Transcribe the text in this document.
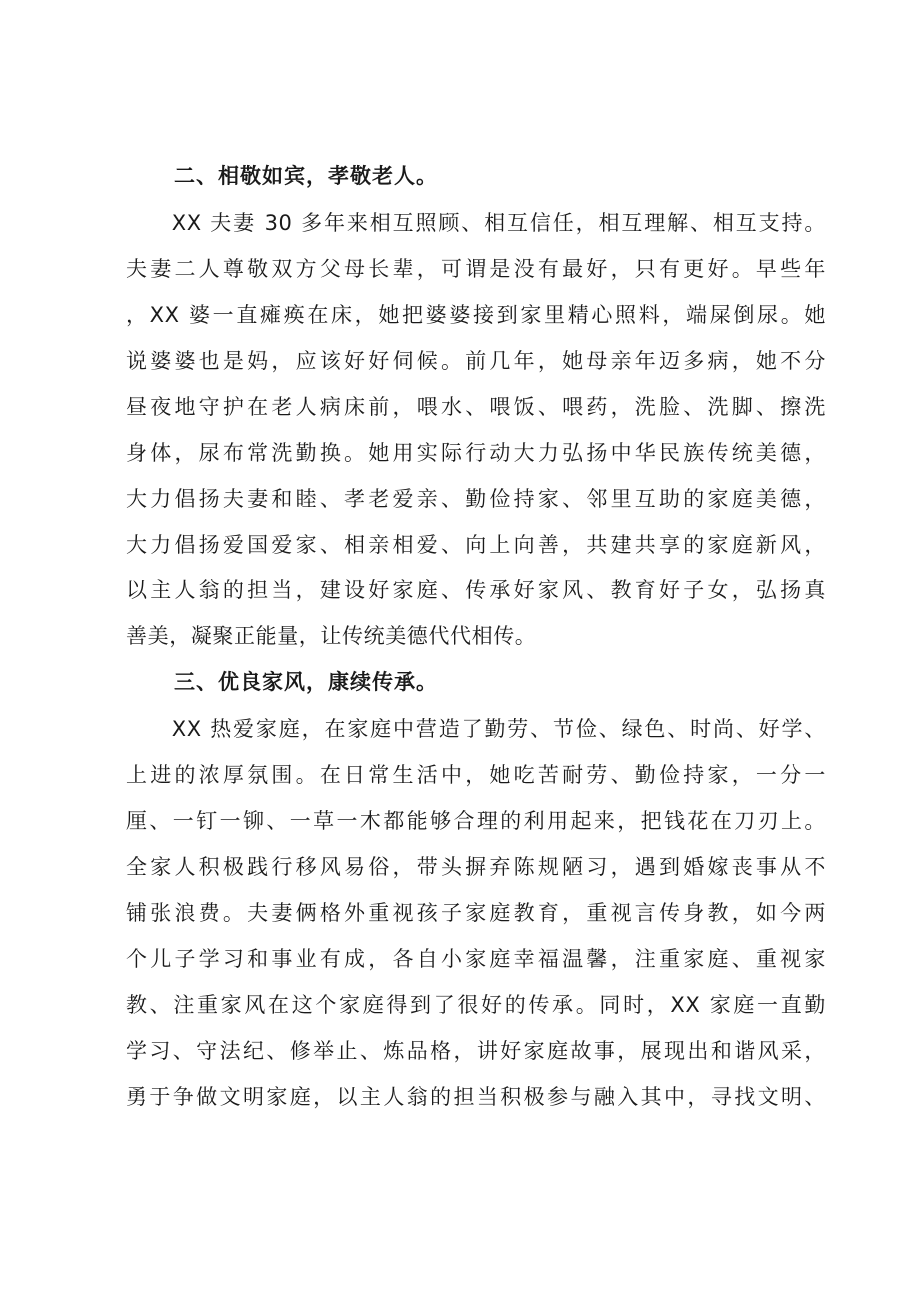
二、相敬如宾，孝敬老人。
　　XX 夫妻 30 多年来相互照顾、相互信任，相互理解、相互支持。
夫妻二人尊敬双方父母长辈，可谓是没有最好，只有更好。早些年
，XX 婆一直瘫痪在床，她把婆婆接到家里精心照料，端屎倒尿。她
说婆婆也是妈，应该好好伺候。前几年，她母亲年迈多病，她不分
昼夜地守护在老人病床前，喂水、喂饭、喂药，洗脸、洗脚、擦洗
身体，尿布常洗勤换。她用实际行动大力弘扬中华民族传统美德，
大力倡扬夫妻和睦、孝老爱亲、勤俭持家、邻里互助的家庭美德，
大力倡扬爱国爱家、相亲相爱、向上向善，共建共享的家庭新风，
以主人翁的担当，建设好家庭、传承好家风、教育好子女，弘扬真
善美，凝聚正能量，让传统美德代代相传。
三、优良家风，康续传承。
　　XX 热爱家庭，在家庭中营造了勤劳、节俭、绿色、时尚、好学、
上进的浓厚氛围。在日常生活中，她吃苦耐劳、勤俭持家，一分一
厘、一钉一铆、一草一木都能够合理的利用起来，把钱花在刀刃上。
全家人积极践行移风易俗，带头摒弃陈规陋习，遇到婚嫁丧事从不
铺张浪费。夫妻俩格外重视孩子家庭教育，重视言传身教，如今两
个儿子学习和事业有成，各自小家庭幸福温馨，注重家庭、重视家
教、注重家风在这个家庭得到了很好的传承。同时，XX 家庭一直勤
学习、守法纪、修举止、炼品格，讲好家庭故事，展现出和谐风采，
勇于争做文明家庭，以主人翁的担当积极参与融入其中，寻找文明、
